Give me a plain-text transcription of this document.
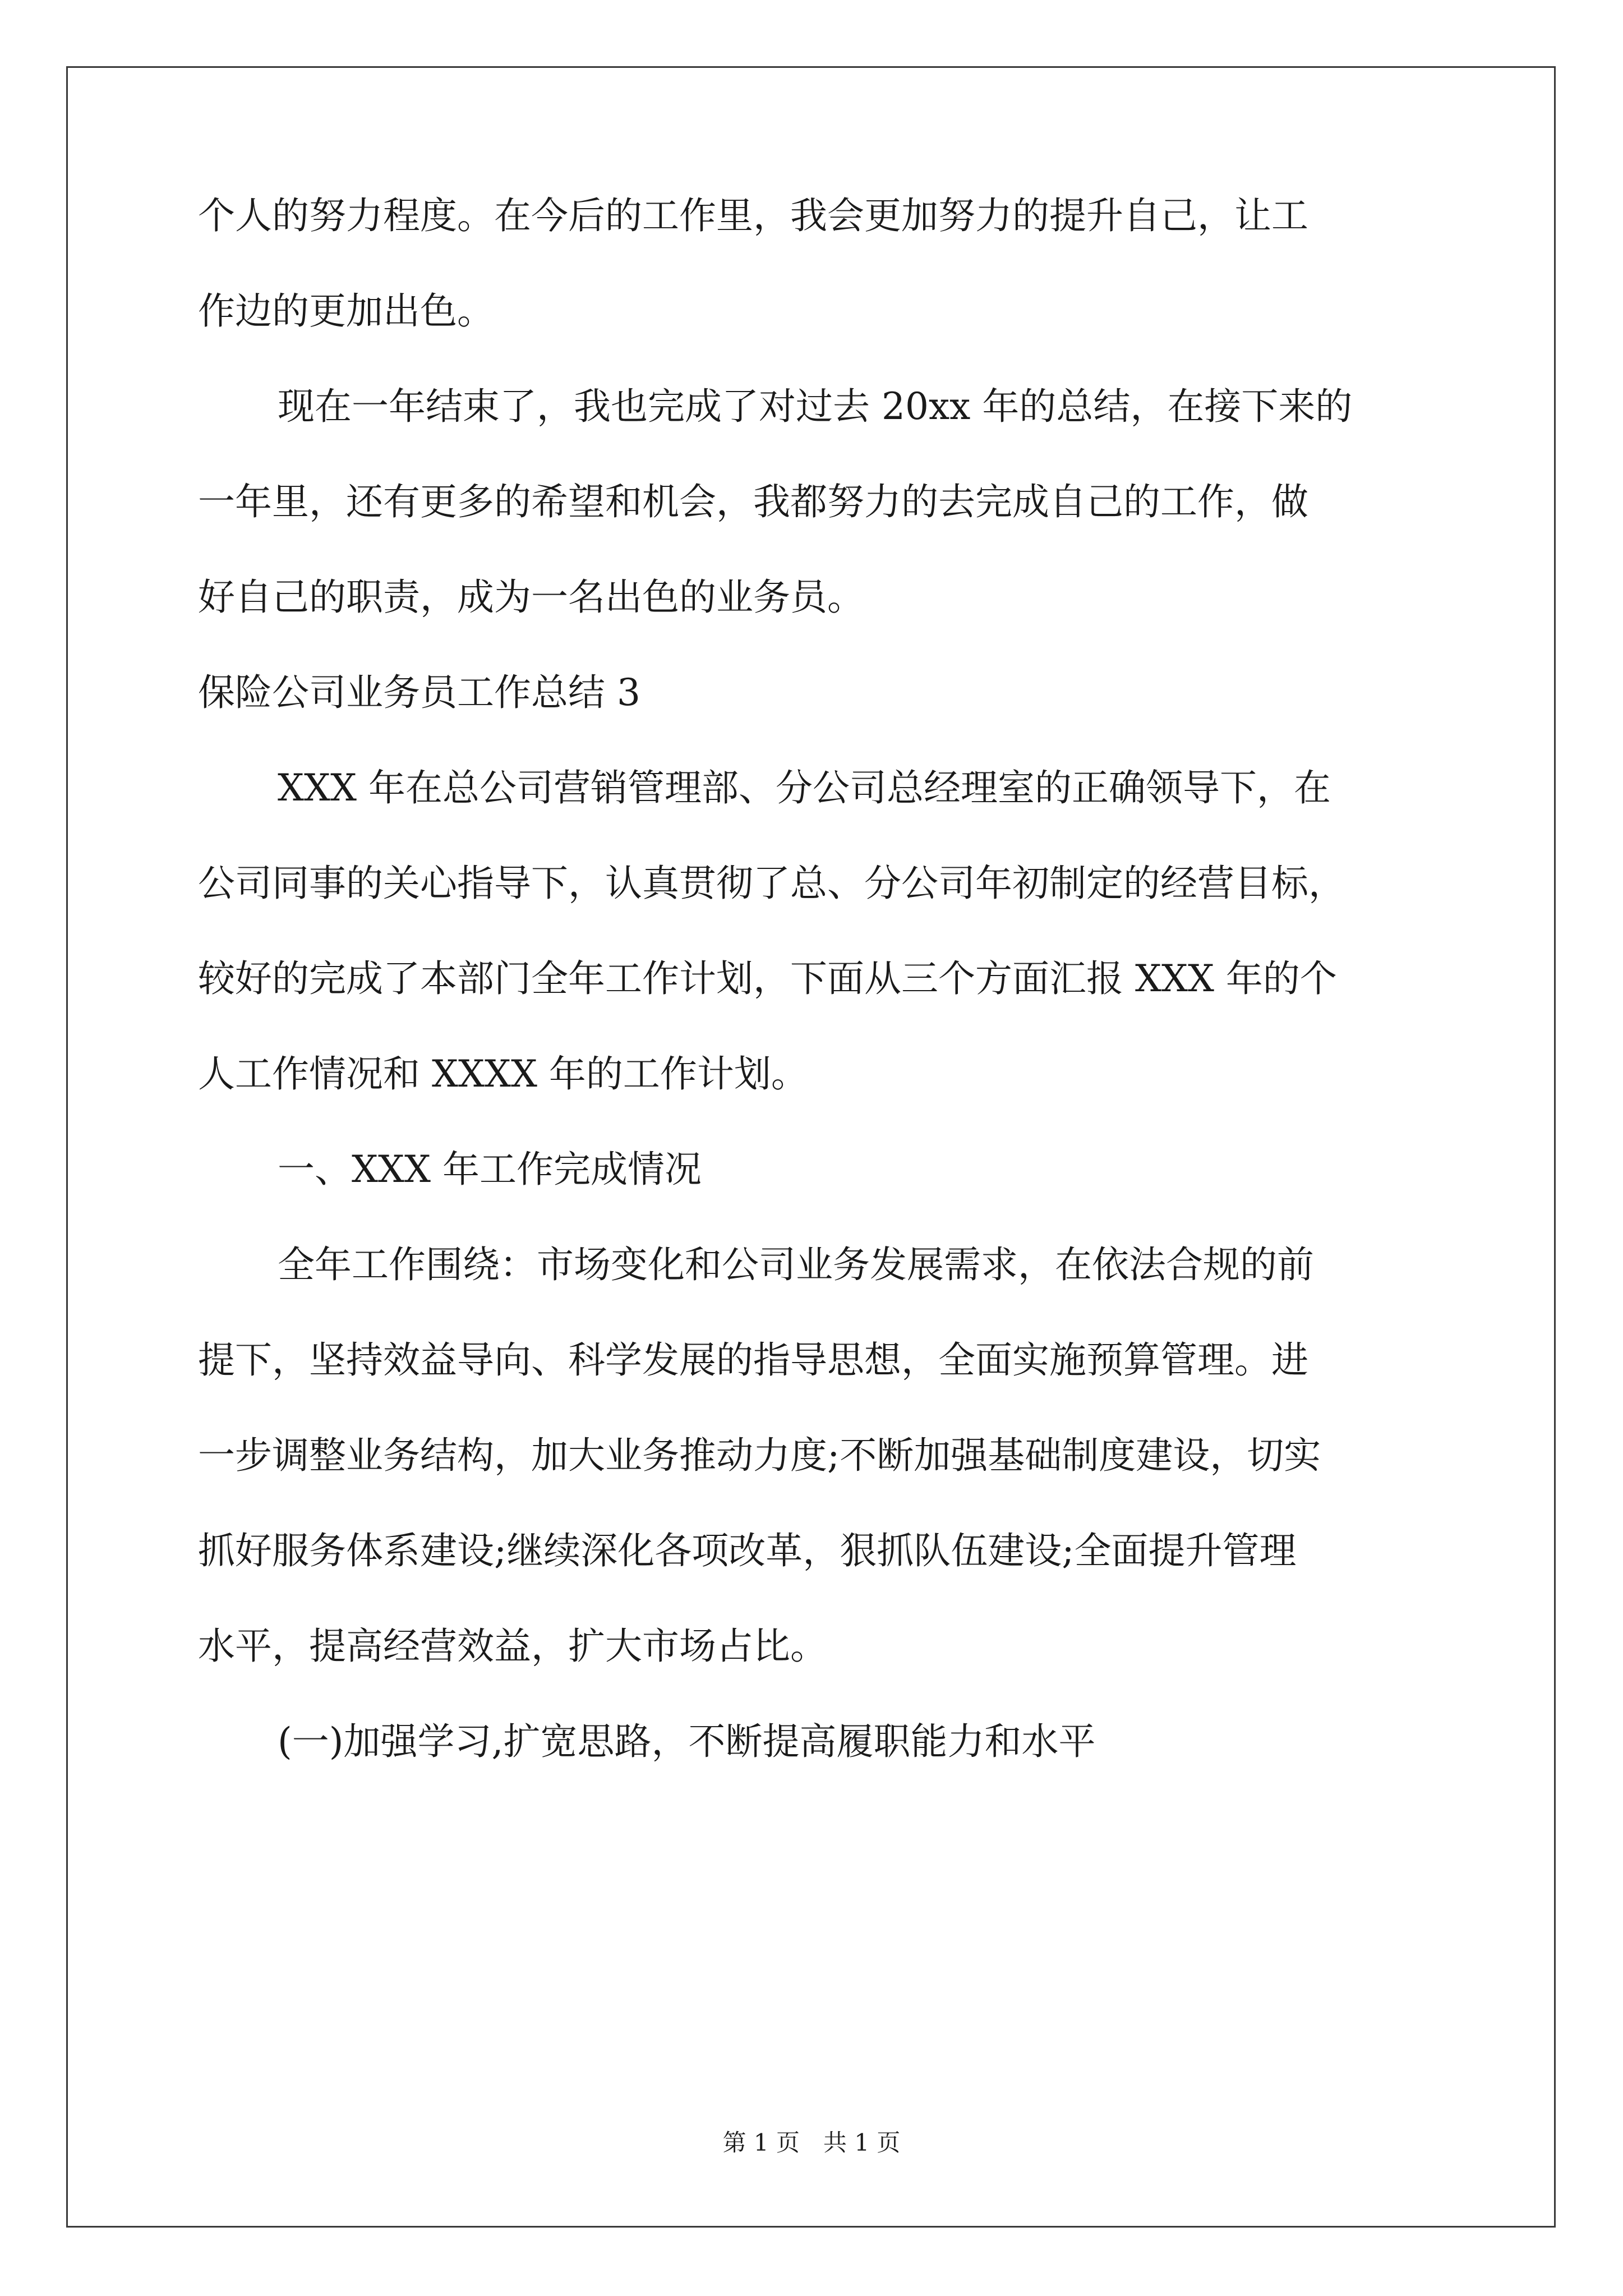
个人的努力程度。在今后的工作里，我会更加努力的提升自己，让工
作边的更加出色。
现在一年结束了，我也完成了对过去 20xx 年的总结，在接下来的
一年里，还有更多的希望和机会，我都努力的去完成自己的工作，做
好自己的职责，成为一名出色的业务员。
保险公司业务员工作总结 3
XXX 年在总公司营销管理部、分公司总经理室的正确领导下，在
公司同事的关心指导下，认真贯彻了总、分公司年初制定的经营目标，
较好的完成了本部门全年工作计划，下面从三个方面汇报 XXX 年的个
人工作情况和 XXXX 年的工作计划。
一、XXX 年工作完成情况
全年工作围绕：市场变化和公司业务发展需求，在依法合规的前
提下，坚持效益导向、科学发展的指导思想，全面实施预算管理。进
一步调整业务结构，加大业务推动力度;不断加强基础制度建设，切实
抓好服务体系建设;继续深化各项改革，狠抓队伍建设;全面提升管理
水平，提高经营效益，扩大市场占比。
(一)加强学习,扩宽思路，不断提高履职能力和水平
第 1 页　共 1 页
